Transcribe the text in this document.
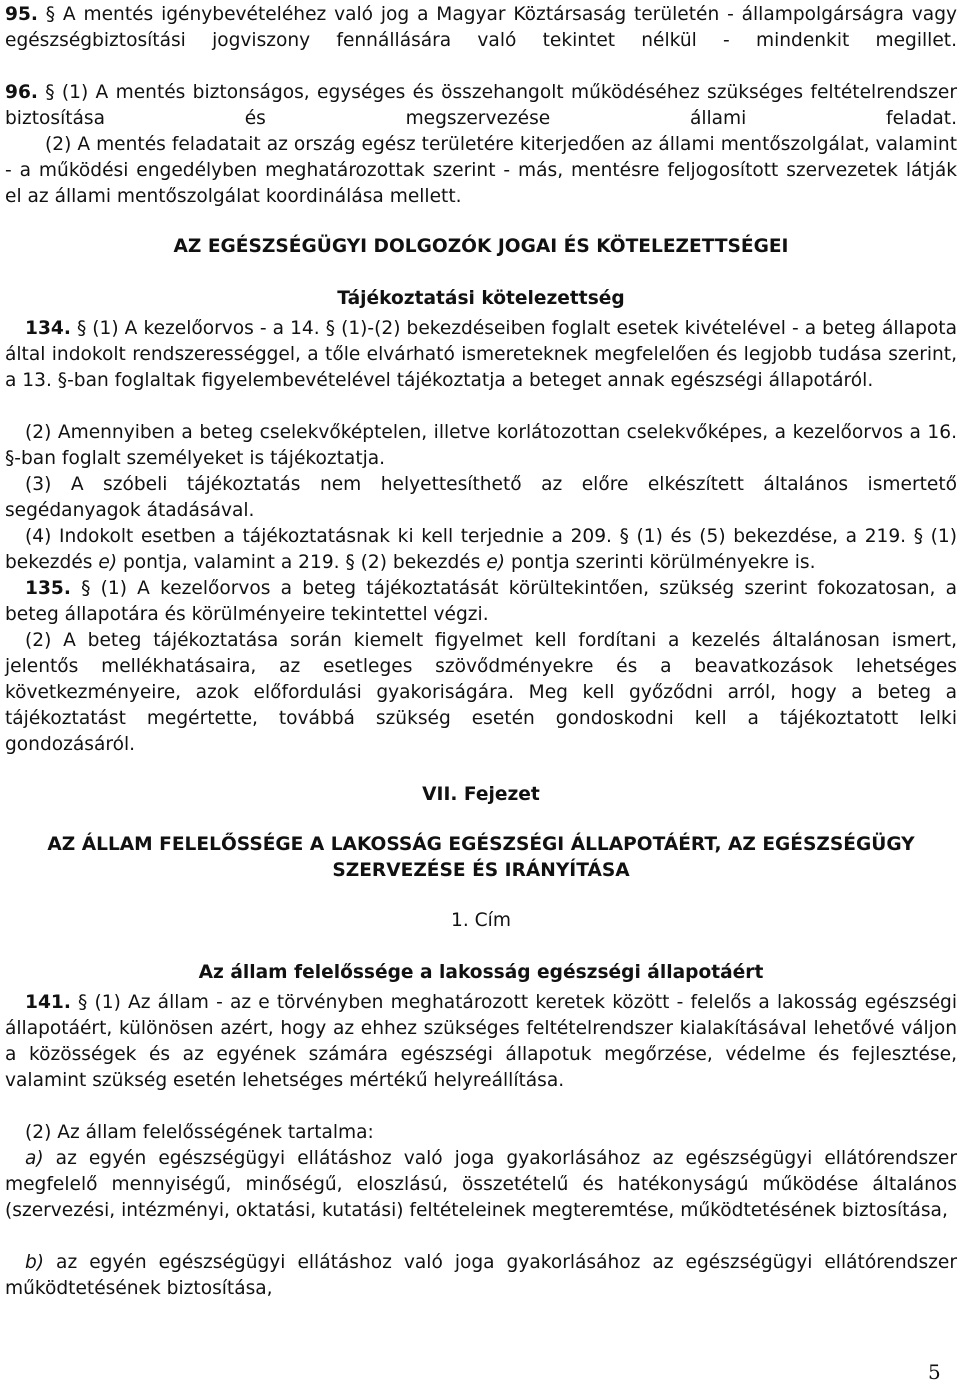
95. § A mentés igénybevételéhez való jog a Magyar Köztársaság területén - állampolgárságra vagy egészségbiztosítási jogviszony fennállására való tekintet nélkül - mindenkit megillet.

96. § (1) A mentés biztonságos, egységes és összehangolt működéséhez szükséges feltételrendszer biztosítása és megszervezése állami feladat.

(2) A mentés feladatait az ország egész területére kiterjedően az állami mentőszolgálat, valamint - a működési engedélyben meghatározottak szerint - más, mentésre feljogosított szervezetek látják el az állami mentőszolgálat koordinálása mellett.

AZ EGÉSZSÉGÜGYI DOLGOZÓK JOGAI ÉS KÖTELEZETTSÉGEI

Tájékoztatási kötelezettség

134. § (1) A kezelőorvos - a 14. § (1)-(2) bekezdéseiben foglalt esetek kivételével - a beteg állapota által indokolt rendszerességgel, a tőle elvárható ismereteknek megfelelően és legjobb tudása szerint, a 13. §-ban foglaltak figyelembevételével tájékoztatja a beteget annak egészségi állapotáról.

(2) Amennyiben a beteg cselekvőképtelen, illetve korlátozottan cselekvőképes, a kezelőorvos a 16. §-ban foglalt személyeket is tájékoztatja.

(3) A szóbeli tájékoztatás nem helyettesíthető az előre elkészített általános ismertető segédanyagok átadásával.

(4) Indokolt esetben a tájékoztatásnak ki kell terjednie a 209. § (1) és (5) bekezdése, a 219. § (1) bekezdés e) pontja, valamint a 219. § (2) bekezdés e) pontja szerinti körülményekre is.

135. § (1) A kezelőorvos a beteg tájékoztatását körültekintően, szükség szerint fokozatosan, a beteg állapotára és körülményeire tekintettel végzi.

(2) A beteg tájékoztatása során kiemelt figyelmet kell fordítani a kezelés általánosan ismert, jelentős mellékhatásaira, az esetleges szövődményekre és a beavatkozások lehetséges következményeire, azok előfordulási gyakoriságára. Meg kell győződni arról, hogy a beteg a tájékoztatást megértette, továbbá szükség esetén gondoskodni kell a tájékoztatott lelki gondozásáról.

VII. Fejezet

AZ ÁLLAM FELELŐSSÉGE A LAKOSSÁG EGÉSZSÉGI ÁLLAPOTÁÉRT, AZ EGÉSZSÉGÜGY SZERVEZÉSE ÉS IRÁNYÍTÁSA

1. Cím

Az állam felelőssége a lakosság egészségi állapotáért

141. § (1) Az állam - az e törvényben meghatározott keretek között - felelős a lakosság egészségi állapotáért, különösen azért, hogy az ehhez szükséges feltételrendszer kialakításával lehetővé váljon a közösségek és az egyének számára egészségi állapotuk megőrzése, védelme és fejlesztése, valamint szükség esetén lehetséges mértékű helyreállítása.

(2) Az állam felelősségének tartalma:

a) az egyén egészségügyi ellátáshoz való joga gyakorlásához az egészségügyi ellátórendszer megfelelő mennyiségű, minőségű, eloszlású, összetételű és hatékonyságú működése általános (szervezési, intézményi, oktatási, kutatási) feltételeinek megteremtése, működtetésének biztosítása,

b) az egyén egészségügyi ellátáshoz való joga gyakorlásához az egészségügyi ellátórendszer működtetésének biztosítása,

5
